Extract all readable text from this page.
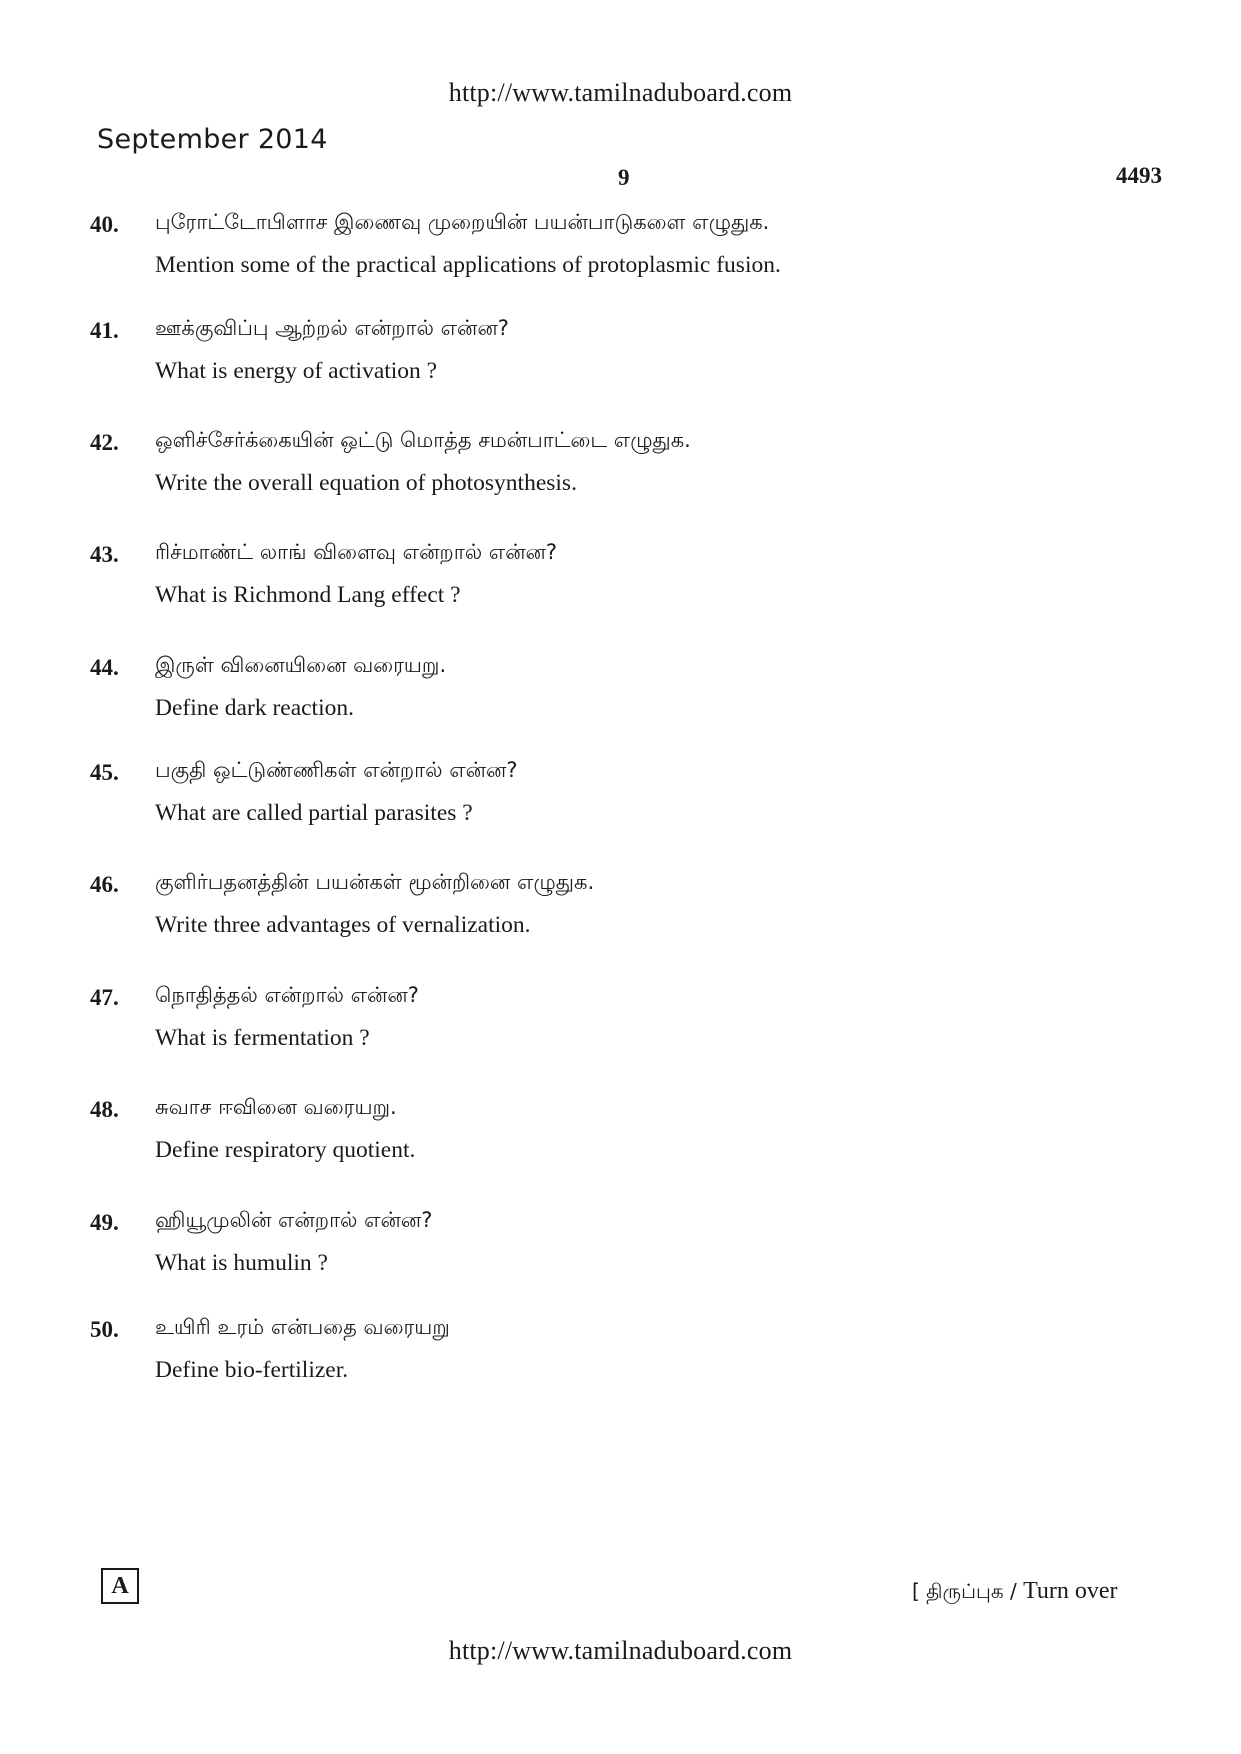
http://www.tamilnaduboard.com
September 2014
9	4493
40. புரோட்டோபிளாச இணைவு முறையின் பயன்பாடுகளை எழுதுக.
Mention some of the practical applications of protoplasmic fusion.
41. ஊக்குவிப்பு ஆற்றல் என்றால் என்ன?
What is energy of activation ?
42. ஒளிச்சேர்க்கையின் ஒட்டு மொத்த சமன்பாட்டை எழுதுக.
Write the overall equation of photosynthesis.
43. ரிச்மாண்ட் லாங் விளைவு என்றால் என்ன?
What is Richmond Lang effect ?
44. இருள் வினையினை வரையறு.
Define dark reaction.
45. பகுதி ஒட்டுண்ணிகள் என்றால் என்ன?
What are called partial parasites ?
46. குளிர்பதனத்தின் பயன்கள் மூன்றினை எழுதுக.
Write three advantages of vernalization.
47. நொதித்தல் என்றால் என்ன?
What is fermentation ?
48. சுவாச ஈவினை வரையறு.
Define respiratory quotient.
49. ஹியூமுலின் என்றால் என்ன?
What is humulin ?
50. உயிரி உரம் என்பதை வரையறு
Define bio-fertilizer.
A	[ திருப்புக / Turn over
http://www.tamilnaduboard.com
